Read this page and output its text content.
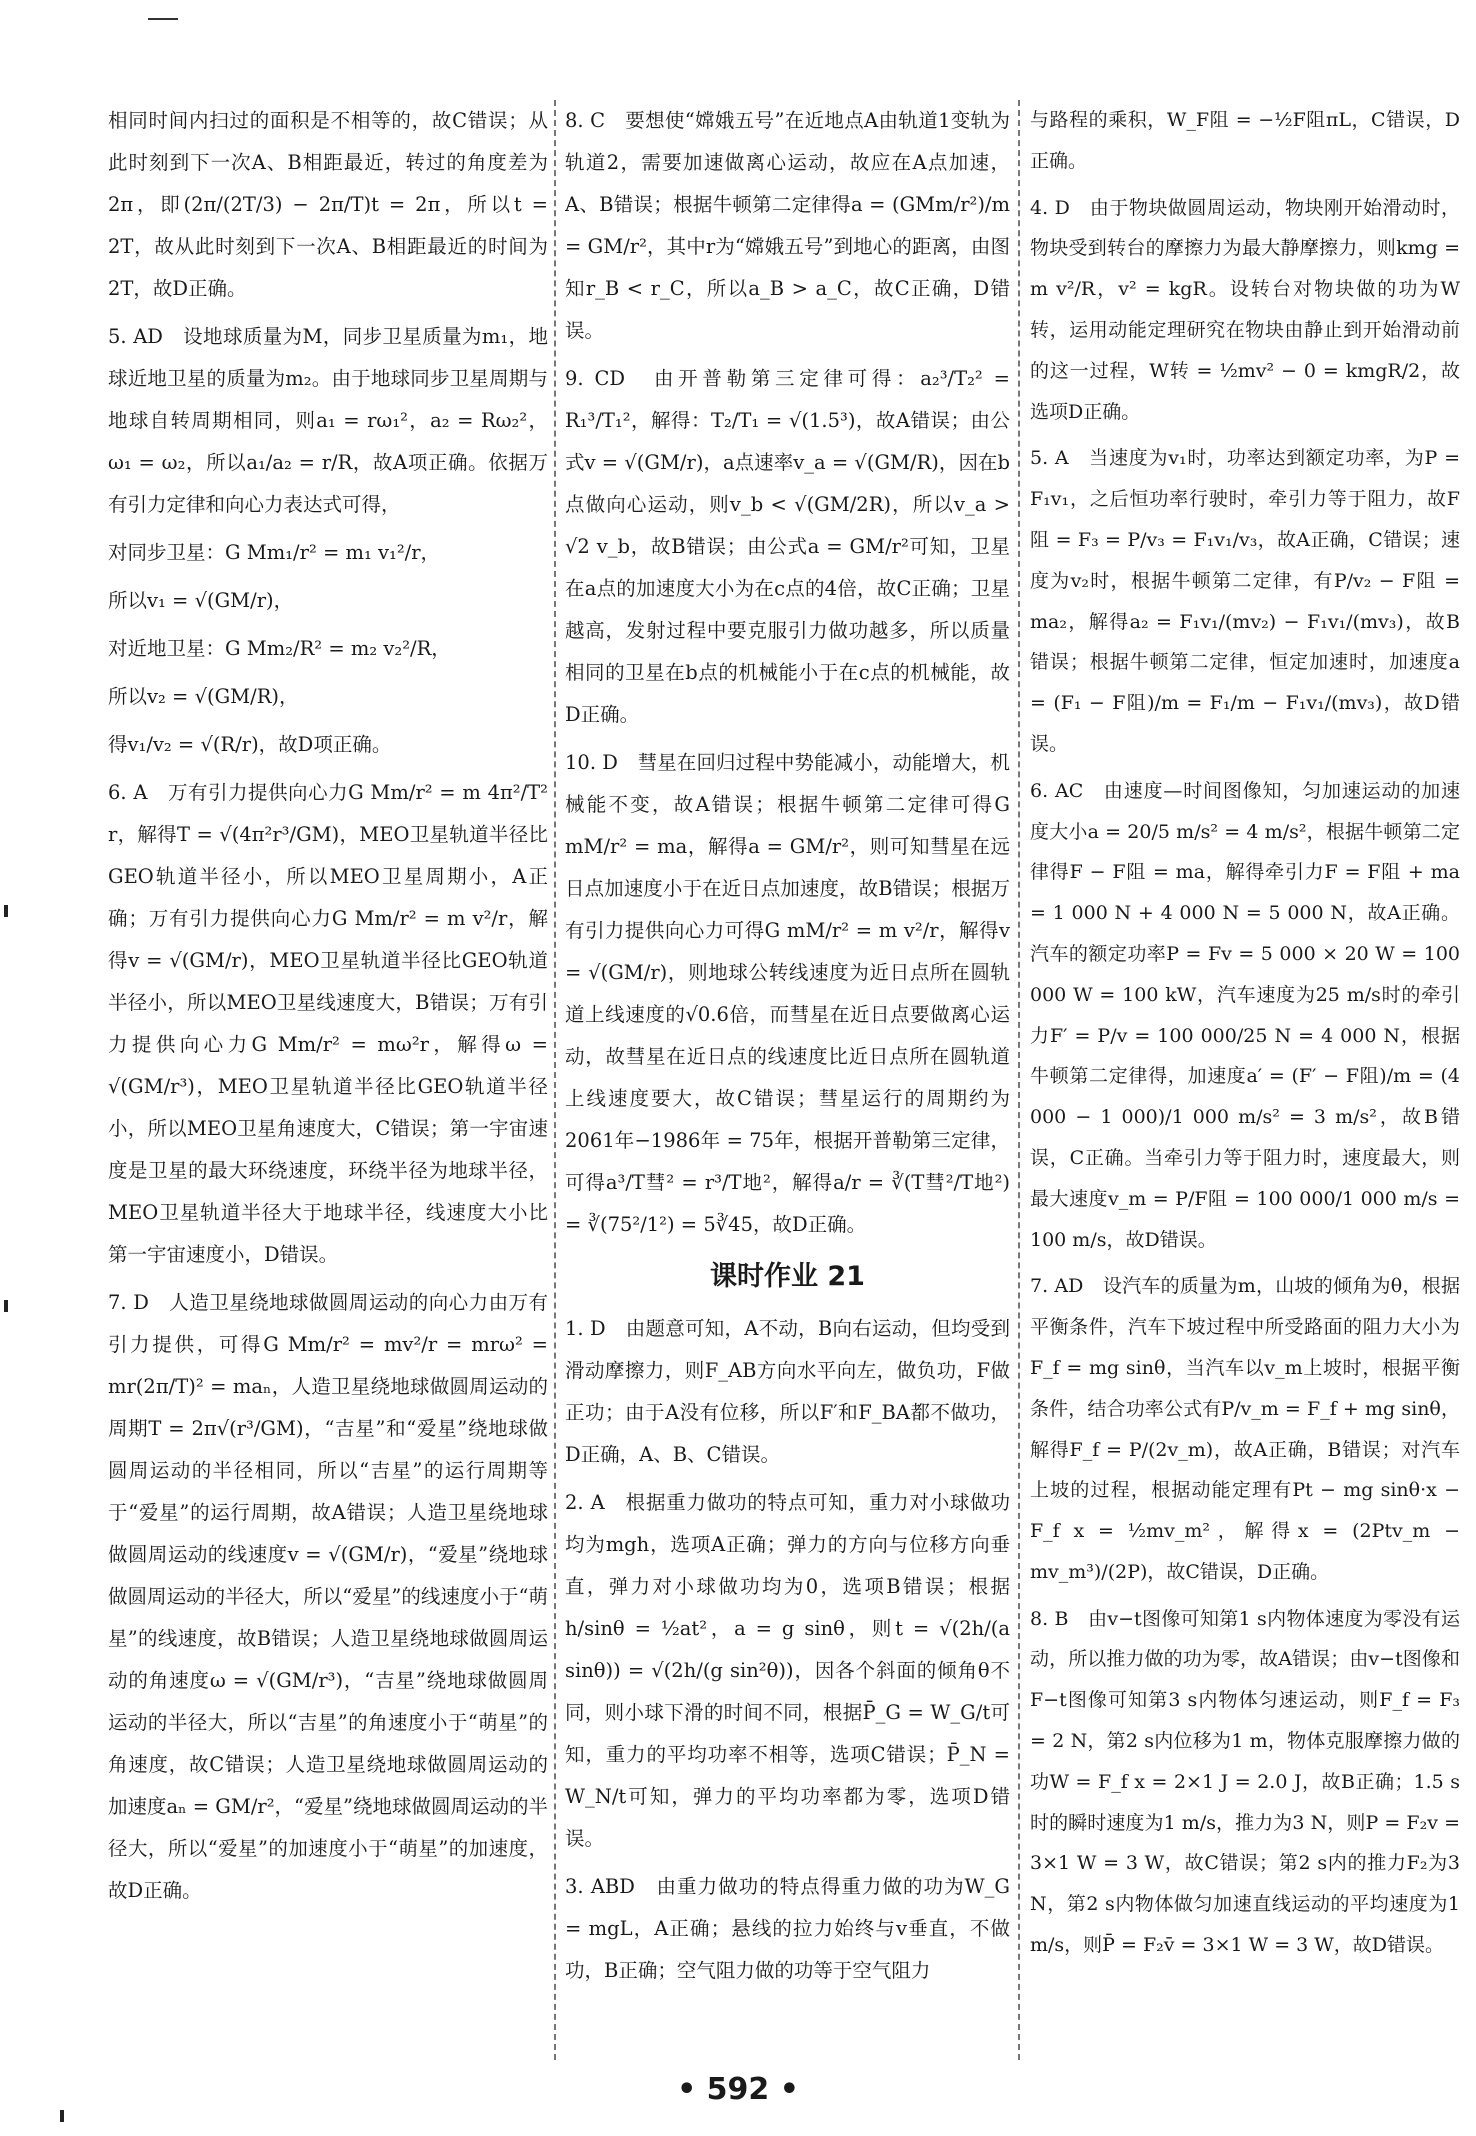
相同时间内扫过的面积是不相等的，故C错误；从此时刻到下一次A、B相距最近，转过的角度差为2π，即(2π/(2T/3) − 2π/T)t = 2π，所以t = 2T，故从此时刻到下一次A、B相距最近的时间为2T，故D正确。

5. AD　设地球质量为M，同步卫星质量为m₁，地球近地卫星的质量为m₂。由于地球同步卫星周期与地球自转周期相同，则a₁ = rω₁²，a₂ = Rω₂²，ω₁ = ω₂，所以a₁/a₂ = r/R，故A项正确。依据万有引力定律和向心力表达式可得，

对同步卫星：G Mm₁/r² = m₁ v₁²/r，

所以v₁ = √(GM/r)，

对近地卫星：G Mm₂/R² = m₂ v₂²/R，

所以v₂ = √(GM/R)，

得v₁/v₂ = √(R/r)，故D项正确。

6. A　万有引力提供向心力G Mm/r² = m 4π²/T² r，解得T = √(4π²r³/GM)，MEO卫星轨道半径比GEO轨道半径小，所以MEO卫星周期小，A正确；万有引力提供向心力G Mm/r² = m v²/r，解得v = √(GM/r)，MEO卫星轨道半径比GEO轨道半径小，所以MEO卫星线速度大，B错误；万有引力提供向心力G Mm/r² = mω²r，解得ω = √(GM/r³)，MEO卫星轨道半径比GEO轨道半径小，所以MEO卫星角速度大，C错误；第一宇宙速度是卫星的最大环绕速度，环绕半径为地球半径，MEO卫星轨道半径大于地球半径，线速度大小比第一宇宙速度小，D错误。

7. D　人造卫星绕地球做圆周运动的向心力由万有引力提供，可得G Mm/r² = mv²/r = mrω² = mr(2π/T)² = maₙ，人造卫星绕地球做圆周运动的周期T = 2π√(r³/GM)，“吉星”和“爱星”绕地球做圆周运动的半径相同，所以“吉星”的运行周期等于“爱星”的运行周期，故A错误；人造卫星绕地球做圆周运动的线速度v = √(GM/r)，“爱星”绕地球做圆周运动的半径大，所以“爱星”的线速度小于“萌星”的线速度，故B错误；人造卫星绕地球做圆周运动的角速度ω = √(GM/r³)，“吉星”绕地球做圆周运动的半径大，所以“吉星”的角速度小于“萌星”的角速度，故C错误；人造卫星绕地球做圆周运动的加速度aₙ = GM/r²，“爱星”绕地球做圆周运动的半径大，所以“爱星”的加速度小于“萌星”的加速度，故D正确。

8. C　要想使“嫦娥五号”在近地点A由轨道1变轨为轨道2，需要加速做离心运动，故应在A点加速，A、B错误；根据牛顿第二定律得a = (GMm/r²)/m = GM/r²，其中r为“嫦娥五号”到地心的距离，由图知r_B < r_C，所以a_B > a_C，故C正确，D错误。

9. CD　由开普勒第三定律可得：a₂³/T₂² = R₁³/T₁²，解得：T₂/T₁ = √(1.5³)，故A错误；由公式v = √(GM/r)，a点速率v_a = √(GM/R)，因在b点做向心运动，则v_b < √(GM/2R)，所以v_a > √2 v_b，故B错误；由公式a = GM/r²可知，卫星在a点的加速度大小为在c点的4倍，故C正确；卫星越高，发射过程中要克服引力做功越多，所以质量相同的卫星在b点的机械能小于在c点的机械能，故D正确。

10. D　彗星在回归过程中势能减小，动能增大，机械能不变，故A错误；根据牛顿第二定律可得G mM/r² = ma，解得a = GM/r²，则可知彗星在远日点加速度小于在近日点加速度，故B错误；根据万有引力提供向心力可得G mM/r² = m v²/r，解得v = √(GM/r)，则地球公转线速度为近日点所在圆轨道上线速度的√0.6倍，而彗星在近日点要做离心运动，故彗星在近日点的线速度比近日点所在圆轨道上线速度要大，故C错误；彗星运行的周期约为2061年−1986年 = 75年，根据开普勒第三定律，可得a³/T彗² = r³/T地²，解得a/r = ∛(T彗²/T地²) = ∛(75²/1²) = 5∛45，故D正确。

课时作业 21

1. D　由题意可知，A不动，B向右运动，但均受到滑动摩擦力，则F_AB方向水平向左，做负功，F做正功；由于A没有位移，所以F′和F_BA都不做功，D正确，A、B、C错误。

2. A　根据重力做功的特点可知，重力对小球做功均为mgh，选项A正确；弹力的方向与位移方向垂直，弹力对小球做功均为0，选项B错误；根据 h/sinθ = ½at²，a = g sinθ，则t = √(2h/(a sinθ)) = √(2h/(g sin²θ))，因各个斜面的倾角θ不同，则小球下滑的时间不同，根据P̄_G = W_G/t可知，重力的平均功率不相等，选项C错误；P̄_N = W_N/t可知，弹力的平均功率都为零，选项D错误。

3. ABD　由重力做功的特点得重力做的功为W_G = mgL，A正确；悬线的拉力始终与v垂直，不做功，B正确；空气阻力做的功等于空气阻力

与路程的乘积，W_F阻 = −½F阻πL，C错误，D正确。

4. D　由于物块做圆周运动，物块刚开始滑动时，物块受到转台的摩擦力为最大静摩擦力，则kmg = m v²/R，v² = kgR。设转台对物块做的功为W转，运用动能定理研究在物块由静止到开始滑动前的这一过程，W转 = ½mv² − 0 = kmgR/2，故选项D正确。

5. A　当速度为v₁时，功率达到额定功率，为P = F₁v₁，之后恒功率行驶时，牵引力等于阻力，故F阻 = F₃ = P/v₃ = F₁v₁/v₃，故A正确，C错误；速度为v₂时，根据牛顿第二定律，有P/v₂ − F阻 = ma₂，解得a₂ = F₁v₁/(mv₂) − F₁v₁/(mv₃)，故B错误；根据牛顿第二定律，恒定加速时，加速度a = (F₁ − F阻)/m = F₁/m − F₁v₁/(mv₃)，故D错误。

6. AC　由速度—时间图像知，匀加速运动的加速度大小a = 20/5 m/s² = 4 m/s²，根据牛顿第二定律得F − F阻 = ma，解得牵引力F = F阻 + ma = 1 000 N + 4 000 N = 5 000 N，故A正确。汽车的额定功率P = Fv = 5 000 × 20 W = 100 000 W = 100 kW，汽车速度为25 m/s时的牵引力F′ = P/v = 100 000/25 N = 4 000 N，根据牛顿第二定律得，加速度a′ = (F′ − F阻)/m = (4 000 − 1 000)/1 000 m/s² = 3 m/s²，故B错误，C正确。当牵引力等于阻力时，速度最大，则最大速度v_m = P/F阻 = 100 000/1 000 m/s = 100 m/s，故D错误。

7. AD　设汽车的质量为m，山坡的倾角为θ，根据平衡条件，汽车下坡过程中所受路面的阻力大小为F_f = mg sinθ，当汽车以v_m上坡时，根据平衡条件，结合功率公式有P/v_m = F_f + mg sinθ，解得F_f = P/(2v_m)，故A正确，B错误；对汽车上坡的过程，根据动能定理有Pt − mg sinθ·x − F_f x = ½mv_m²，解得x = (2Ptv_m − mv_m³)/(2P)，故C错误，D正确。

8. B　由v−t图像可知第1 s内物体速度为零没有运动，所以推力做的功为零，故A错误；由v−t图像和F−t图像可知第3 s内物体匀速运动，则F_f = F₃ = 2 N，第2 s内位移为1 m，物体克服摩擦力做的功W = F_f x = 2×1 J = 2.0 J，故B正确；1.5 s时的瞬时速度为1 m/s，推力为3 N，则P = F₂v = 3×1 W = 3 W，故C错误；第2 s内的推力F₂为3 N，第2 s内物体做匀加速直线运动的平均速度为1 m/s，则P̄ = F₂v̄ = 3×1 W = 3 W，故D错误。

• 592 •
